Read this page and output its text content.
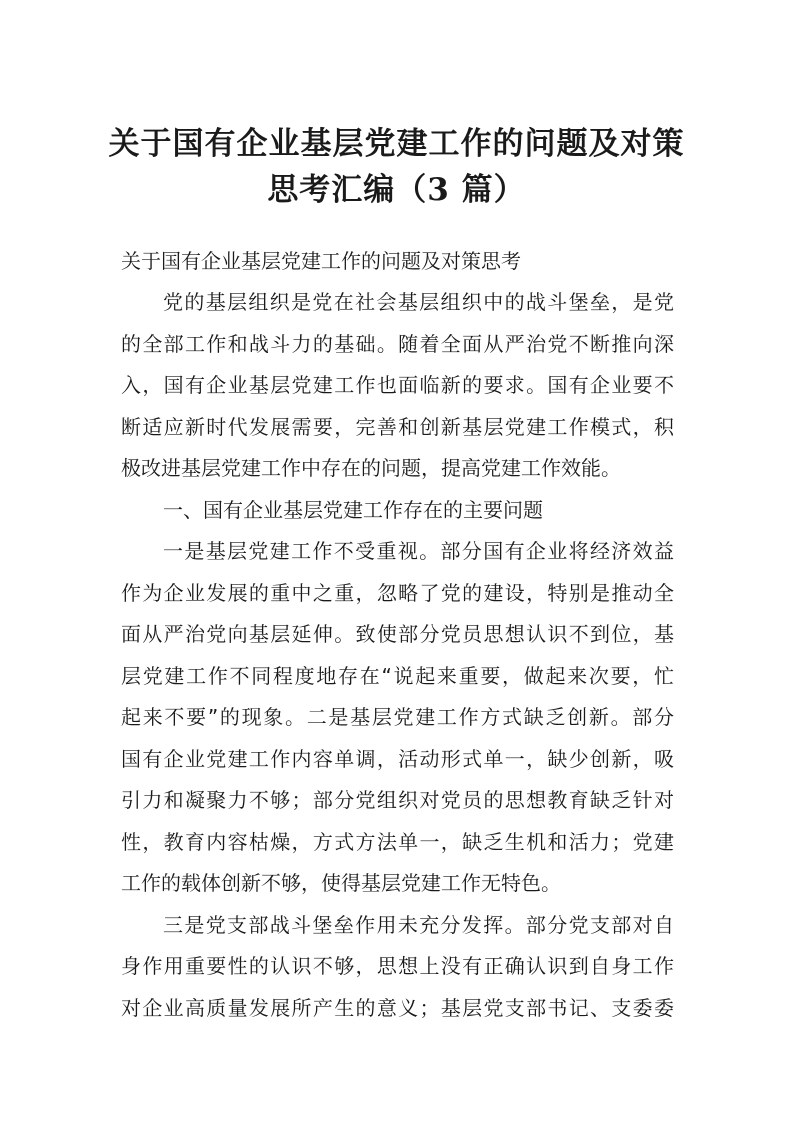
关于国有企业基层党建工作的问题及对策
思考汇编（3 篇）
关于国有企业基层党建工作的问题及对策思考
党的基层组织是党在社会基层组织中的战斗堡垒，是党
的全部工作和战斗力的基础。随着全面从严治党不断推向深
入，国有企业基层党建工作也面临新的要求。国有企业要不
断适应新时代发展需要，完善和创新基层党建工作模式，积
极改进基层党建工作中存在的问题，提高党建工作效能。
一、国有企业基层党建工作存在的主要问题
一是基层党建工作不受重视。部分国有企业将经济效益
作为企业发展的重中之重，忽略了党的建设，特别是推动全
面从严治党向基层延伸。致使部分党员思想认识不到位，基
层党建工作不同程度地存在“说起来重要，做起来次要，忙
起来不要”的现象。二是基层党建工作方式缺乏创新。部分
国有企业党建工作内容单调，活动形式单一，缺少创新，吸
引力和凝聚力不够；部分党组织对党员的思想教育缺乏针对
性，教育内容枯燥，方式方法单一，缺乏生机和活力；党建
工作的载体创新不够，使得基层党建工作无特色。
三是党支部战斗堡垒作用未充分发挥。部分党支部对自
身作用重要性的认识不够，思想上没有正确认识到自身工作
对企业高质量发展所产生的意义；基层党支部书记、支委委
